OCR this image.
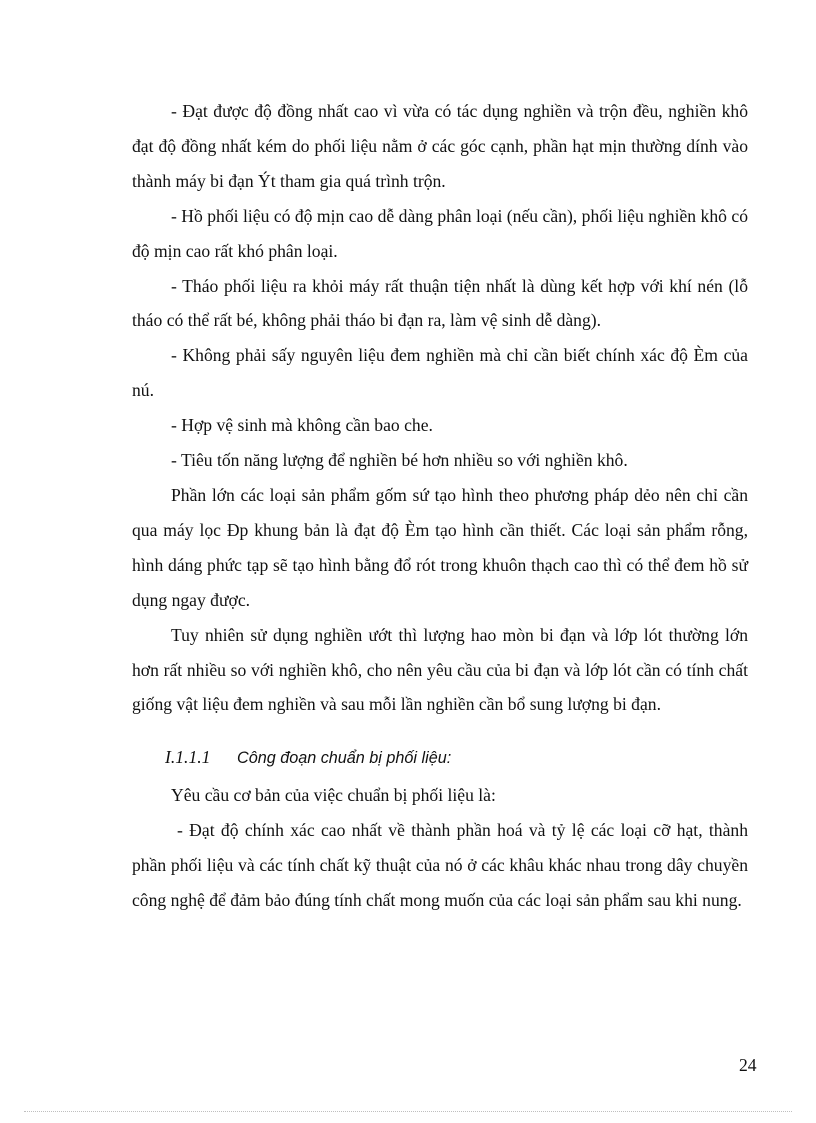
- Đạt được độ đồng nhất cao vì vừa có tác dụng nghiền và trộn đều, nghiền khô đạt độ đồng nhất kém do phối liệu nằm ở các góc cạnh, phần hạt mịn thường dính vào thành máy bi đạn Ýt tham gia quá trình trộn.

- Hồ phối liệu có độ mịn cao dễ dàng phân loại (nếu cần), phối liệu nghiền khô có độ mịn cao rất khó phân loại.

- Tháo phối liệu ra khỏi máy rất thuận tiện nhất là dùng kết hợp với khí nén (lỗ tháo có thể rất bé, không phải tháo bi đạn ra, làm vệ sinh dễ dàng).

- Không phải sấy nguyên liệu đem nghiền mà chỉ cần biết chính xác độ Èm của nú.

- Hợp vệ sinh mà không cần bao che.

- Tiêu tốn năng lượng để nghiền bé hơn nhiều so với nghiền khô.

Phần lớn các loại sản phẩm gốm sứ tạo hình theo phương pháp dẻo nên chỉ cần qua máy lọc Ðp khung bản là đạt độ Èm tạo hình cần thiết. Các loại sản phẩm rỗng, hình dáng phức tạp sẽ tạo hình bằng đổ rót trong khuôn thạch cao thì có thể đem hồ sử dụng ngay được.

Tuy nhiên sử dụng nghiền ướt thì lượng hao mòn bi đạn và lớp lót thường lớn hơn rất nhiều so với nghiền khô, cho nên yêu cầu của bi đạn và lớp lót cần có tính chất giống vật liệu đem nghiền và sau mỗi lần nghiền cần bổ sung lượng bi đạn.

I.1.1.1 Công đoạn chuẩn bị phối liệu:

Yêu cầu cơ bản của việc chuẩn bị phối liệu là:

- Đạt độ chính xác cao nhất về thành phần hoá và tỷ lệ các loại cỡ hạt, thành phần phối liệu và các tính chất kỹ thuật của nó ở các khâu khác nhau trong dây chuyền công nghệ để đảm bảo đúng tính chất mong muốn của các loại sản phẩm sau khi nung.

24
